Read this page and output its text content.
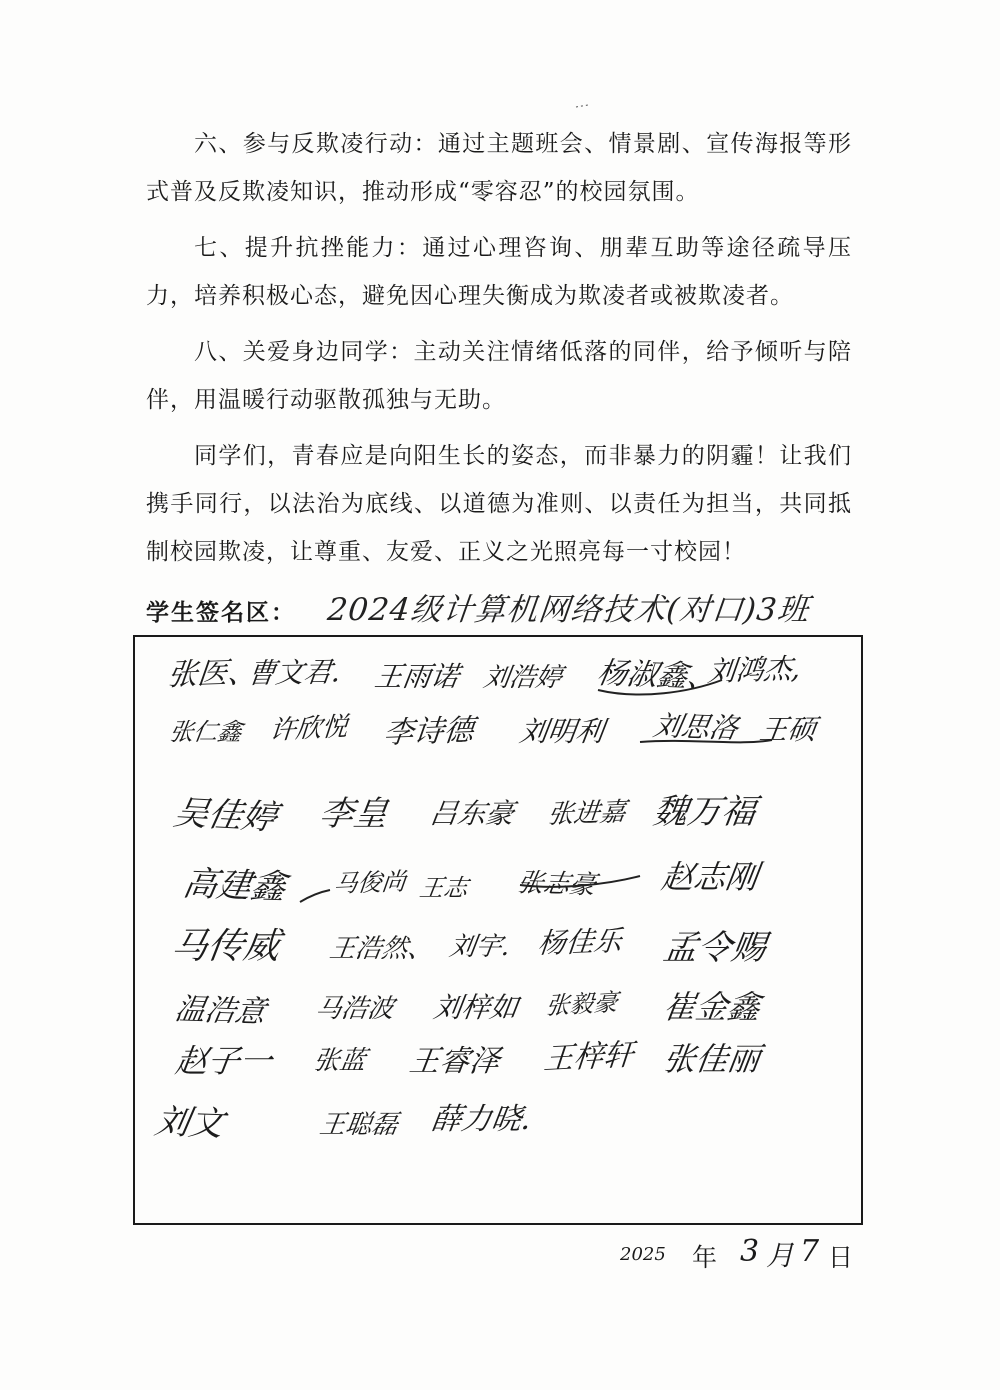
六、参与反欺凌行动：通过主题班会、情景剧、宣传海报等形式普及反欺凌知识，推动形成“零容忍”的校园氛围。

七、提升抗挫能力：通过心理咨询、朋辈互助等途径疏导压力，培养积极心态，避免因心理失衡成为欺凌者或被欺凌者。

八、关爱身边同学：主动关注情绪低落的同伴，给予倾听与陪伴，用温暖行动驱散孤独与无助。

同学们，青春应是向阳生长的姿态，而非暴力的阴霾！让我们携手同行，以法治为底线、以道德为准则、以责任为担当，共同抵制校园欺凌，让尊重、友爱、正义之光照亮每一寸校园！

学生签名区： 2024级计算机网络技术(对口)3班
张医、
曹文君. 王雨诺 刘浩婷 杨淑鑫、
刘鸿杰,
张仁鑫 许欣悦 李诗德 刘明利 刘思洛 王硕
吴佳婷 李皇 吕东豪 张进嘉 魏万福
高建鑫 马俊尚 王志 张志豪 赵志刚
马传威 王浩然、 刘宇. 杨佳乐 孟令赐
温浩意 马浩波 刘梓如 张毅豪 崔金鑫
赵子一 张蓝 王睿泽 王梓轩 张佳丽
刘文	王聪磊 薛力晓.
2025 年 3 月 7 日
